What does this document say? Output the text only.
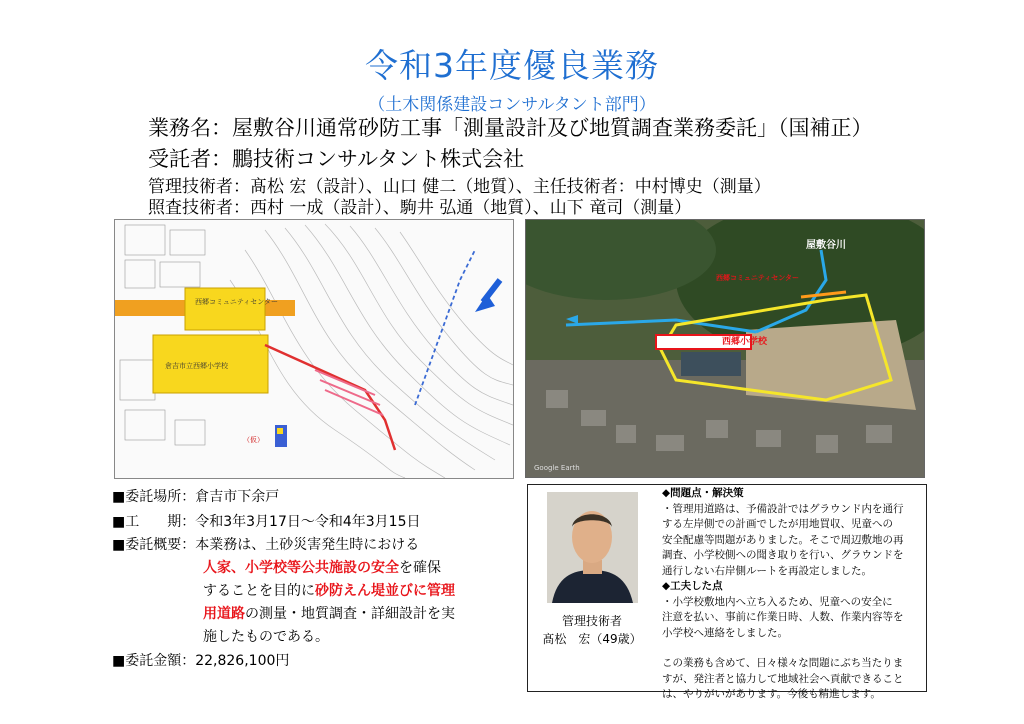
令和3年度優良業務
（土木関係建設コンサルタント部門）
業務名：屋敷谷川通常砂防工事「測量設計及び地質調査業務委託」（国補正）
受託者：鵬技術コンサルタント株式会社
管理技術者：髙松 宏（設計）、山口 健二（地質）、主任技術者：中村博史（測量）
照査技術者：西村 一成（設計）、駒井 弘通（地質）、山下 竜司（測量）
西郷コミュニティセンター
倉吉市立西郷小学校
（仮）
屋敷谷川
西郷コミュニティセンター
西郷小学校
Google Earth
■委託場所：倉吉市下余戸
■工　　期：令和3年3月17日～令和4年3月15日
■委託概要：本業務は、土砂災害発生時における
人家、小学校等公共施設の安全を確保
することを目的に砂防えん堤並びに管理
用道路の測量・地質調査・詳細設計を実
施したものである。
■委託金額：22,826,100円
管理技術者
髙松　宏（49歳）
◆問題点・解決策
・管理用道路は、予備設計ではグラウンド内を通行
する左岸側での計画でしたが用地買収、児童への
安全配慮等問題がありました。そこで周辺敷地の再
調査、小学校側への聞き取りを行い、グラウンドを
通行しない右岸側ルートを再設定しました。
◆工夫した点
・小学校敷地内へ立ち入るため、児童への安全に
注意を払い、事前に作業日時、人数、作業内容等を
小学校へ連絡をしました。
この業務も含めて、日々様々な問題にぶち当たりま
すが、発注者と協力して地域社会へ貢献できること
は、やりがいがあります。今後も精進します。
